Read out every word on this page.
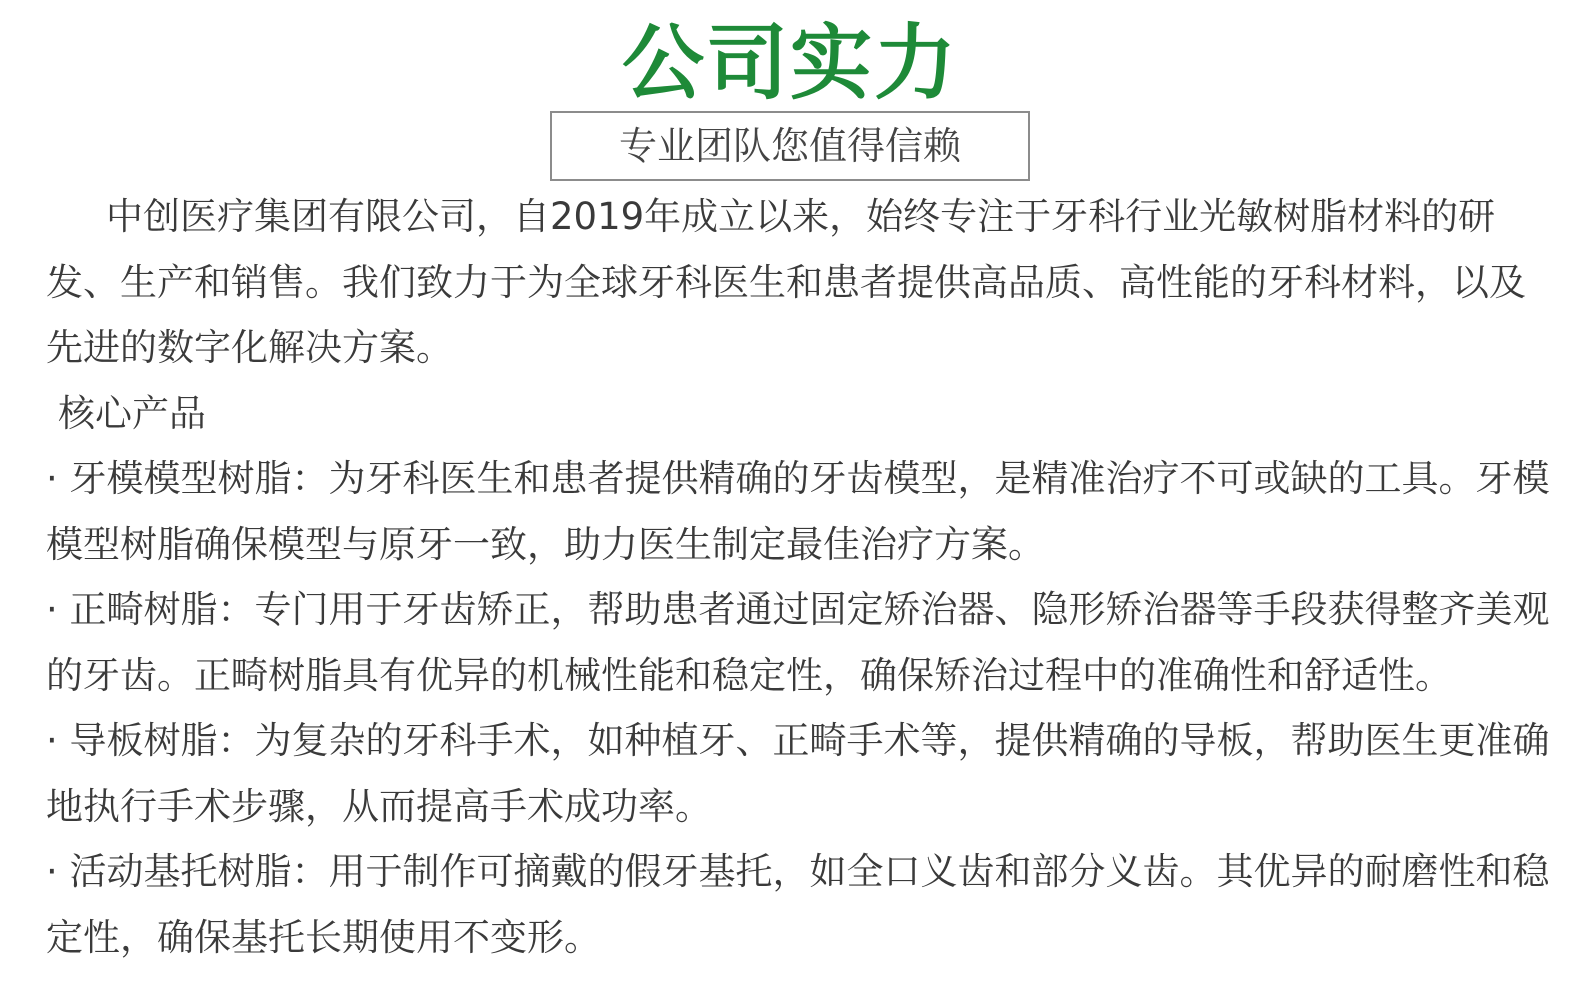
公司实力
专业团队您值得信赖

中创医疗集团有限公司，自2019年成立以来，始终专注于牙科行业光敏树脂材料的研发、生产和销售。我们致力于为全球牙科医生和患者提供高品质、高性能的牙科材料，以及先进的数字化解决方案。

核心产品

· 牙模模型树脂：为牙科医生和患者提供精确的牙齿模型，是精准治疗不可或缺的工具。牙模模型树脂确保模型与原牙一致，助力医生制定最佳治疗方案。

· 正畸树脂：专门用于牙齿矫正，帮助患者通过固定矫治器、隐形矫治器等手段获得整齐美观的牙齿。正畸树脂具有优异的机械性能和稳定性，确保矫治过程中的准确性和舒适性。

· 导板树脂：为复杂的牙科手术，如种植牙、正畸手术等，提供精确的导板，帮助医生更准确地执行手术步骤，从而提高手术成功率。

· 活动基托树脂：用于制作可摘戴的假牙基托，如全口义齿和部分义齿。其优异的耐磨性和稳定性，确保基托长期使用不变形。
